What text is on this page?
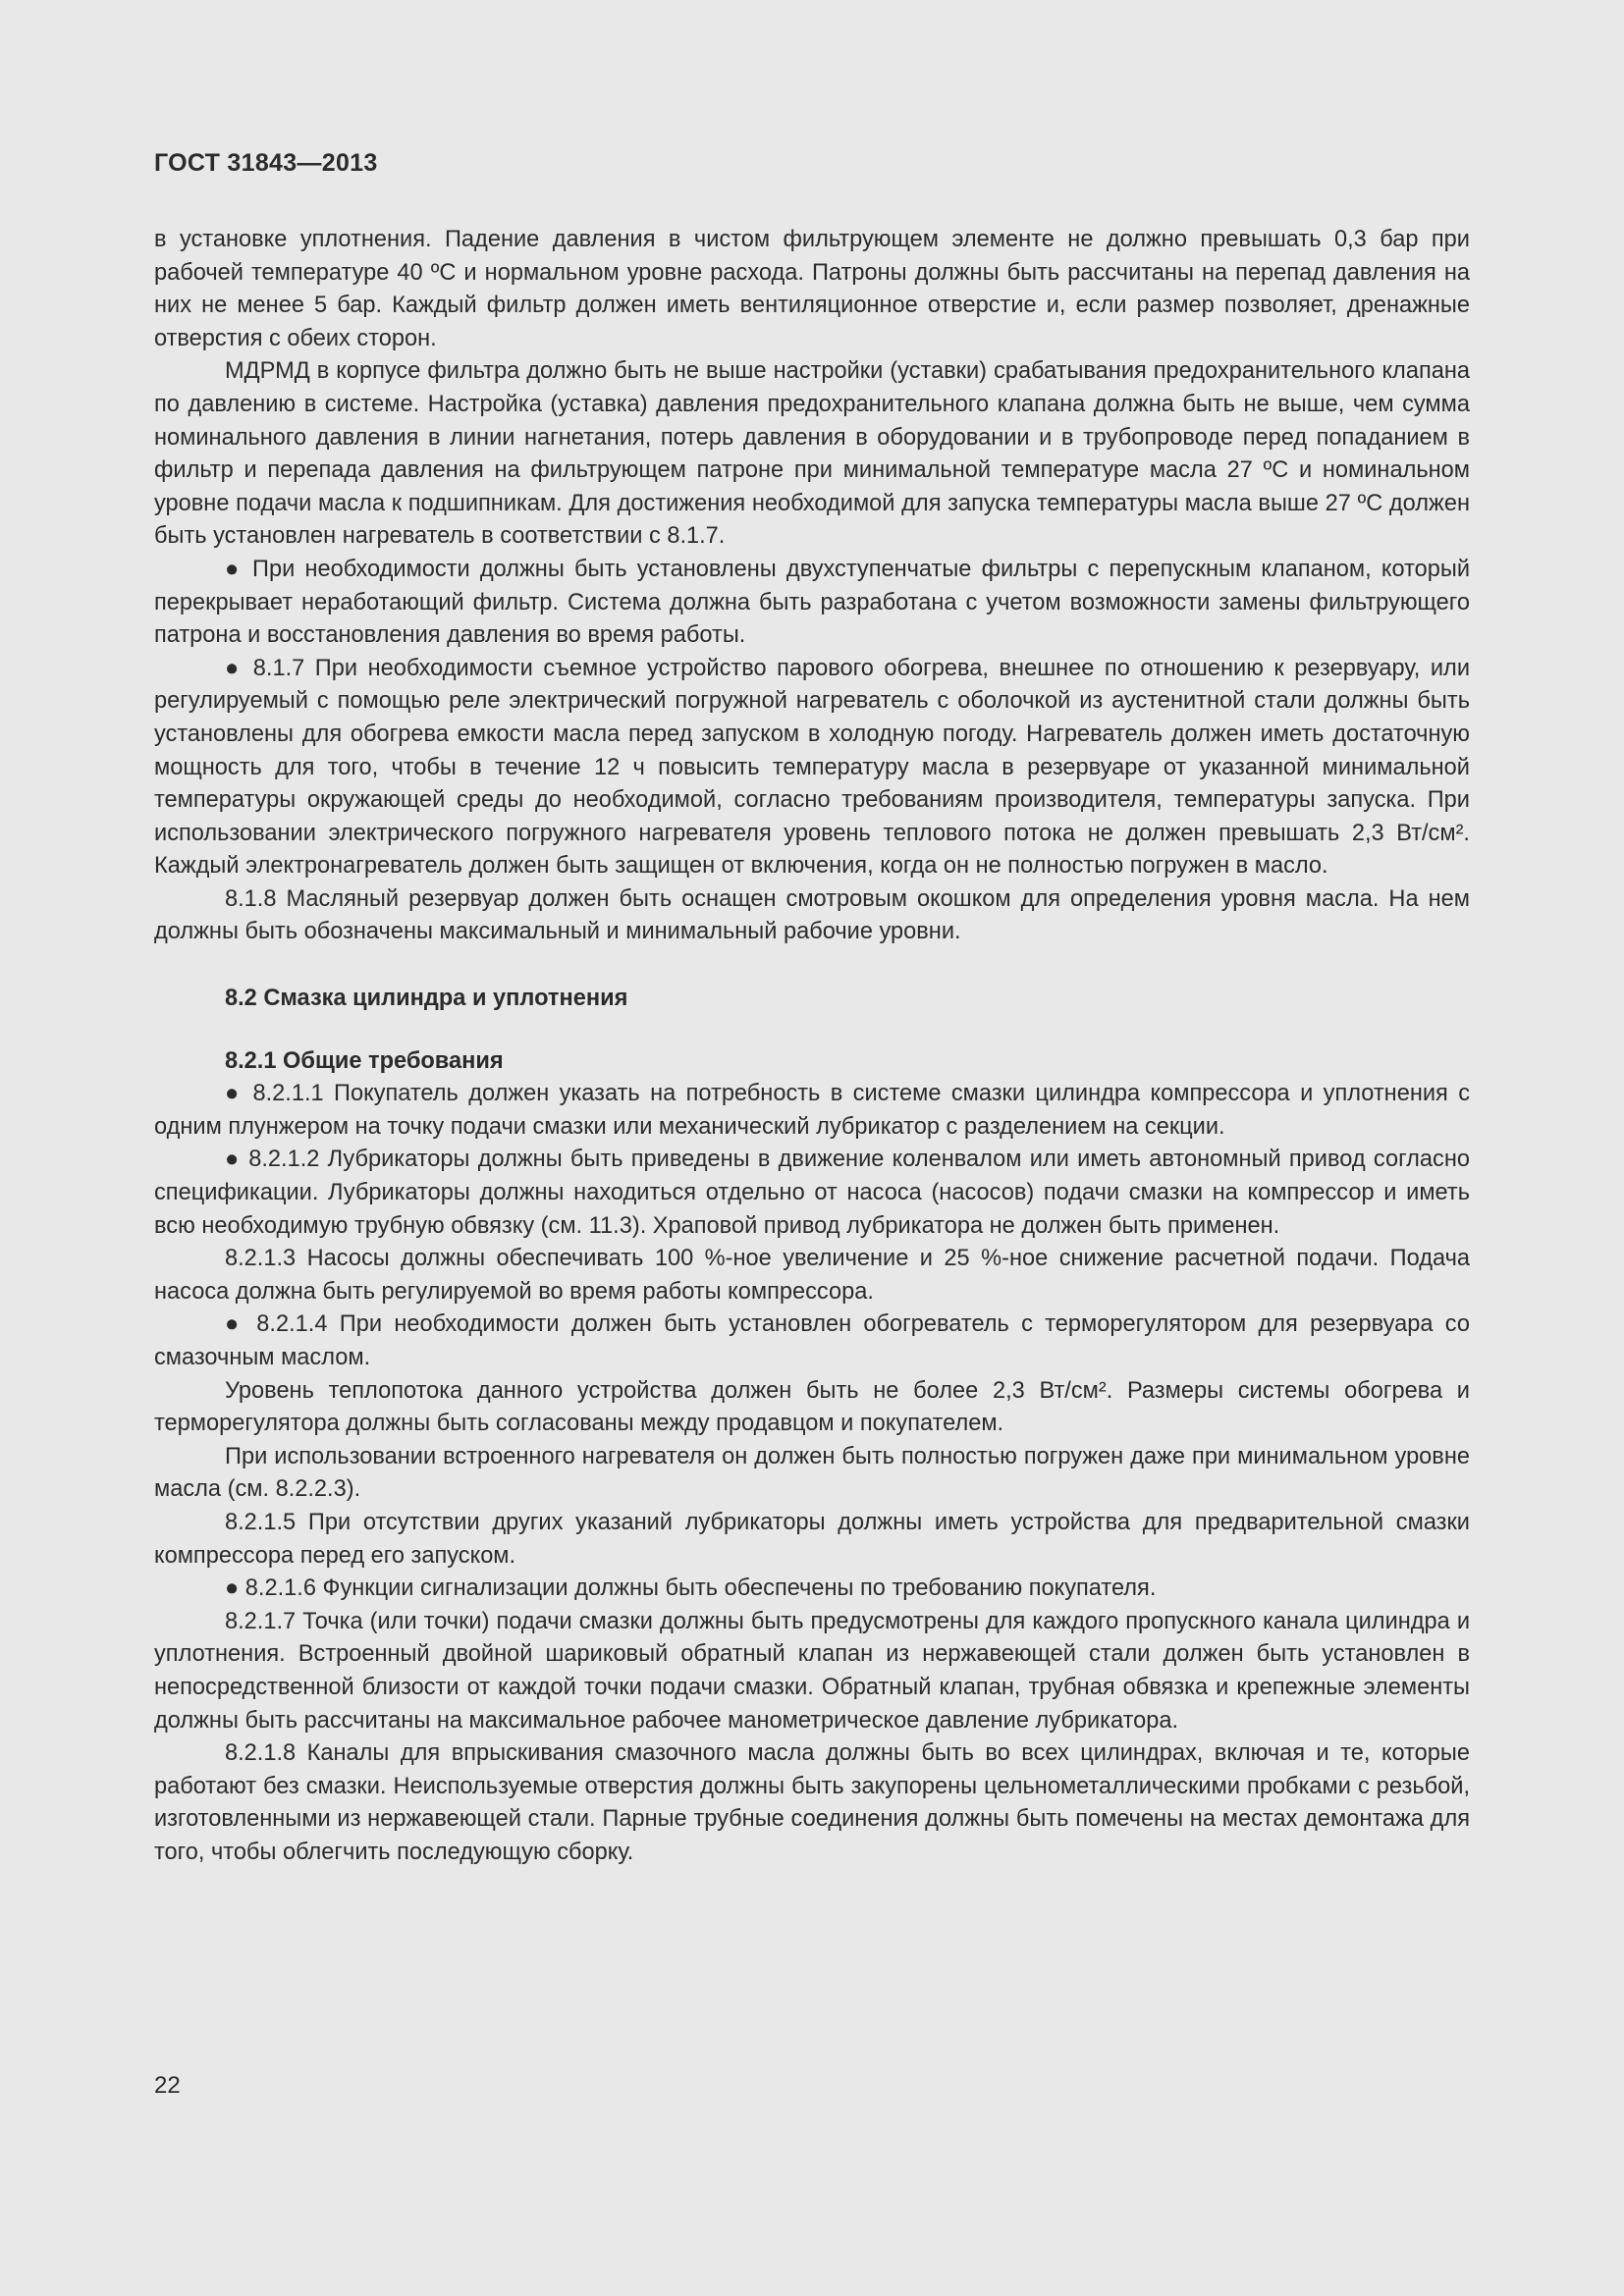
ГОСТ 31843—2013

в установке уплотнения. Падение давления в чистом фильтрующем элементе не должно превышать 0,3 бар при рабочей температуре 40 ºС и нормальном уровне расхода. Патроны должны быть рассчитаны на перепад давления на них не менее 5 бар. Каждый фильтр должен иметь вентиляционное отверстие и, если размер позволяет, дренажные отверстия с обеих сторон.

МДРМД в корпусе фильтра должно быть не выше настройки (уставки) срабатывания предохранительного клапана по давлению в системе. Настройка (уставка) давления предохранительного клапана должна быть не выше, чем сумма номинального давления в линии нагнетания, потерь давления в оборудовании и в трубопроводе перед попаданием в фильтр и перепада давления на фильтрующем патроне при минимальной температуре масла 27 ºС и номинальном уровне подачи масла к подшипникам. Для достижения необходимой для запуска температуры масла выше 27 ºС должен быть установлен нагреватель в соответствии с 8.1.7.

● При необходимости должны быть установлены двухступенчатые фильтры с перепускным клапаном, который перекрывает неработающий фильтр. Система должна быть разработана с учетом возможности замены фильтрующего патрона и восстановления давления во время работы.

● 8.1.7 При необходимости съемное устройство парового обогрева, внешнее по отношению к резервуару, или регулируемый с помощью реле электрический погружной нагреватель с оболочкой из аустенитной стали должны быть установлены для обогрева емкости масла перед запуском в холодную погоду. Нагреватель должен иметь достаточную мощность для того, чтобы в течение 12 ч повысить температуру масла в резервуаре от указанной минимальной температуры окружающей среды до необходимой, согласно требованиям производителя, температуры запуска. При использовании электрического погружного нагревателя уровень теплового потока не должен превышать 2,3 Вт/см². Каждый электронагреватель должен быть защищен от включения, когда он не полностью погружен в масло.

8.1.8 Масляный резервуар должен быть оснащен смотровым окошком для определения уровня масла. На нем должны быть обозначены максимальный и минимальный рабочие уровни.

8.2 Смазка цилиндра и уплотнения
8.2.1 Общие требования

● 8.2.1.1 Покупатель должен указать на потребность в системе смазки цилиндра компрессора и уплотнения с одним плунжером на точку подачи смазки или механический лубрикатор с разделением на секции.

● 8.2.1.2 Лубрикаторы должны быть приведены в движение коленвалом или иметь автономный привод согласно спецификации. Лубрикаторы должны находиться отдельно от насоса (насосов) подачи смазки на компрессор и иметь всю необходимую трубную обвязку (см. 11.3). Храповой привод лубрикатора не должен быть применен.

8.2.1.3 Насосы должны обеспечивать 100 %-ное увеличение и 25 %-ное снижение расчетной подачи. Подача насоса должна быть регулируемой во время работы компрессора.

● 8.2.1.4 При необходимости должен быть установлен обогреватель с терморегулятором для резервуара со смазочным маслом.

Уровень теплопотока данного устройства должен быть не более 2,3 Вт/см². Размеры системы обогрева и терморегулятора должны быть согласованы между продавцом и покупателем.

При использовании встроенного нагревателя он должен быть полностью погружен даже при минимальном уровне масла (см. 8.2.2.3).

8.2.1.5 При отсутствии других указаний лубрикаторы должны иметь устройства для предварительной смазки компрессора перед его запуском.

● 8.2.1.6 Функции сигнализации должны быть обеспечены по требованию покупателя.

8.2.1.7 Точка (или точки) подачи смазки должны быть предусмотрены для каждого пропускного канала цилиндра и уплотнения. Встроенный двойной шариковый обратный клапан из нержавеющей стали должен быть установлен в непосредственной близости от каждой точки подачи смазки. Обратный клапан, трубная обвязка и крепежные элементы должны быть рассчитаны на максимальное рабочее манометрическое давление лубрикатора.

8.2.1.8 Каналы для впрыскивания смазочного масла должны быть во всех цилиндрах, включая и те, которые работают без смазки. Неиспользуемые отверстия должны быть закупорены цельнометаллическими пробками с резьбой, изготовленными из нержавеющей стали. Парные трубные соединения должны быть помечены на местах демонтажа для того, чтобы облегчить последующую сборку.

22
